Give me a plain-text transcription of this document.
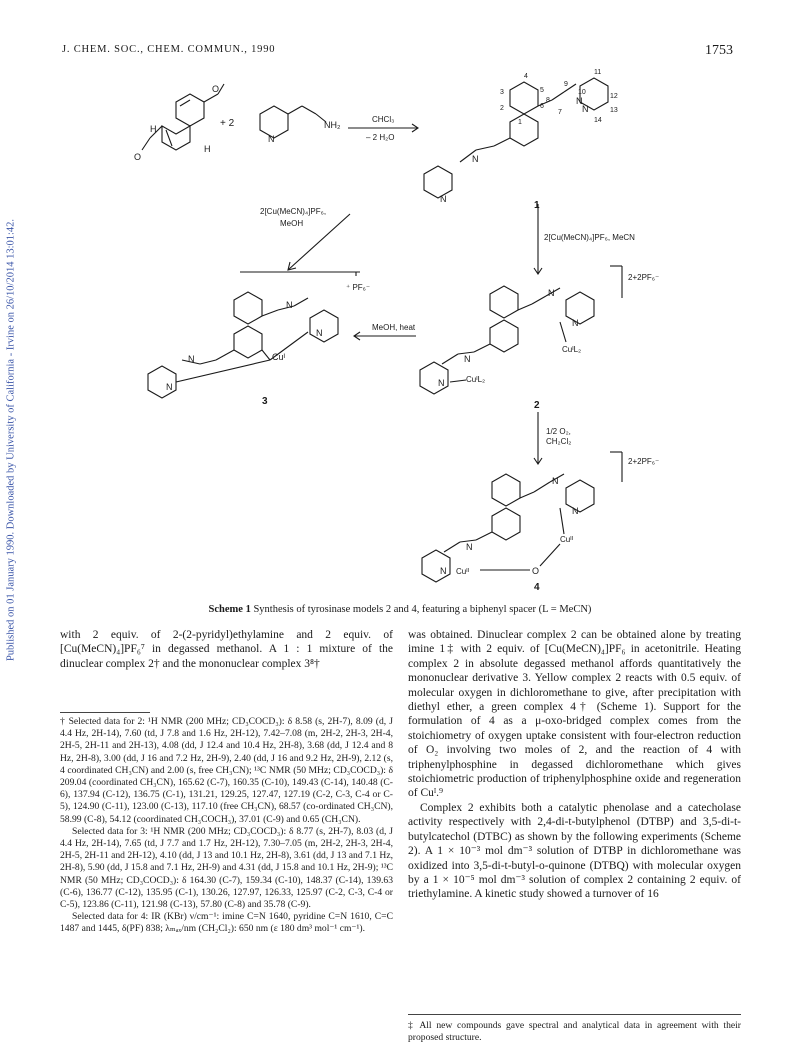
Published on 01 January 1990. Downloaded by University of California - Irvine on 26/10/2014 13:01:42.
J. CHEM. SOC., CHEM. COMMUN., 1990	1753
O
H
H
O
+ 2
N
NH₂
CHCl₃
– 2 H₂O
4
3
2
5
6
1
7
8
9
10
11
12
13
14
N
N
N
N
1
2[Cu(MeCN)₄]PF₆,
MeOH
2[Cu(MeCN)₄]PF₆, MeCN
⁺ PF₆⁻
N
N
N
N
Cuᴵ
3
MeOH, heat
2+2PF₆⁻
N
N
CuᴵL₂
N
N	CuᴵL₂
2
1/2 O₂,
CH₂Cl₂
2+2PF₆⁻
N
N
Cuᴵᴵ
N
N Cuᴵᴵ	O
4
Scheme 1 Synthesis of tyrosinase models 2 and 4, featuring a biphenyl spacer (L = MeCN)

with 2 equiv. of 2-(2-pyridyl)ethylamine and 2 equiv. of [Cu(MeCN)₄]PF₆⁷ in degassed methanol. A 1 : 1 mixture of the dinuclear complex 2† and the mononuclear complex 3⁸†

† Selected data for 2: ¹H NMR (200 MHz; CD₃COCD₃): δ 8.58 (s, 2H-7), 8.09 (d, J 4.4 Hz, 2H-14), 7.60 (td, J 7.8 and 1.6 Hz, 2H-12), 7.42–7.08 (m, 2H-2, 2H-3, 2H-4, 2H-5, 2H-11 and 2H-13), 4.08 (dd, J 12.4 and 10.4 Hz, 2H-8), 3.68 (dd, J 12.4 and 8 Hz, 2H-8), 3.00 (dd, J 16 and 7.2 Hz, 2H-9), 2.40 (dd, J 16 and 9.2 Hz, 2H-9), 2.12 (s, 4 coordinated CH₃CN) and 2.00 (s, free CH₃CN); ¹³C NMR (50 MHz; CD₃COCD₃): δ 209.04 (coordinated CH₃CN), 165.62 (C-7), 160.35 (C-10), 149.43 (C-14), 140.48 (C-6), 137.94 (C-12), 136.75 (C-1), 131.21, 129.25, 127.47, 127.19 (C-2, C-3, C-4 or C-5), 124.90 (C-11), 123.00 (C-13), 117.10 (free CH₃CN), 68.57 (co-ordinated CH₃CN), 58.99 (C-8), 54.12 (coordinated CH₃COCH₃), 37.01 (C-9) and 0.65 (CH₃CN).

Selected data for 3: ¹H NMR (200 MHz; CD₃COCD₃): δ 8.77 (s, 2H-7), 8.03 (d, J 4.4 Hz, 2H-14), 7.65 (td, J 7.7 and 1.7 Hz, 2H-12), 7.30–7.05 (m, 2H-2, 2H-3, 2H-4, 2H-5, 2H-11 and 2H-12), 4.10 (dd, J 13 and 10.1 Hz, 2H-8), 3.61 (dd, J 13 and 7.1 Hz, 2H-8), 5.90 (dd, J 15.8 and 7.1 Hz, 2H-9) and 4.31 (dd, J 15.8 and 10.1 Hz, 2H-9); ¹³C NMR (50 MHz; CD₃COCD₃): δ 164.30 (C-7), 159.34 (C-10), 148.37 (C-14), 139.63 (C-6), 136.77 (C-12), 135.95 (C-1), 130.26, 127.97, 126.33, 125.97 (C-2, C-3, C-4 or C-5), 123.86 (C-11), 121.98 (C-13), 57.80 (C-8) and 35.78 (C-9).

Selected data for 4: IR (KBr) ν/cm⁻¹: imine C=N 1640, pyridine C=N 1610, C=C 1487 and 1445, δ(PF) 838; λₘₐₓ/nm (CH₂Cl₂): 650 nm (ε 180 dm³ mol⁻¹ cm⁻¹).

was obtained. Dinuclear complex 2 can be obtained alone by treating imine 1‡ with 2 equiv. of [Cu(MeCN)₄]PF₆ in acetonitrile. Heating complex 2 in absolute degassed methanol affords quantitatively the mononuclear derivative 3. Yellow complex 2 reacts with 0.5 equiv. of molecular oxygen in dichloromethane to give, after precipitation with diethyl ether, a green complex 4† (Scheme 1). Support for the formulation of 4 as a μ-oxo-bridged complex comes from the stoichiometry of oxygen uptake consistent with four-electron reduction of O₂ involving two moles of 2, and the reaction of 4 with triphenylphosphine in degassed dichloromethane which gives stoichiometric production of triphenylphosphine oxide and regeneration of Cuᴵ.⁹

Complex 2 exhibits both a catalytic phenolase and a catecholase activity respectively with 2,4-di-t-butylphenol (DTBP) and 3,5-di-t-butylcatechol (DTBC) as shown by the following experiments (Scheme 2). A 1 × 10⁻³ mol dm⁻³ solution of DTBP in dichloromethane was oxidized into 3,5-di-t-butyl-o-quinone (DTBQ) with molecular oxygen by a 1 × 10⁻⁵ mol dm⁻³ solution of complex 2 containing 2 equiv. of triethylamine. A kinetic study showed a turnover of 16

‡ All new compounds gave spectral and analytical data in agreement with their proposed structure.
